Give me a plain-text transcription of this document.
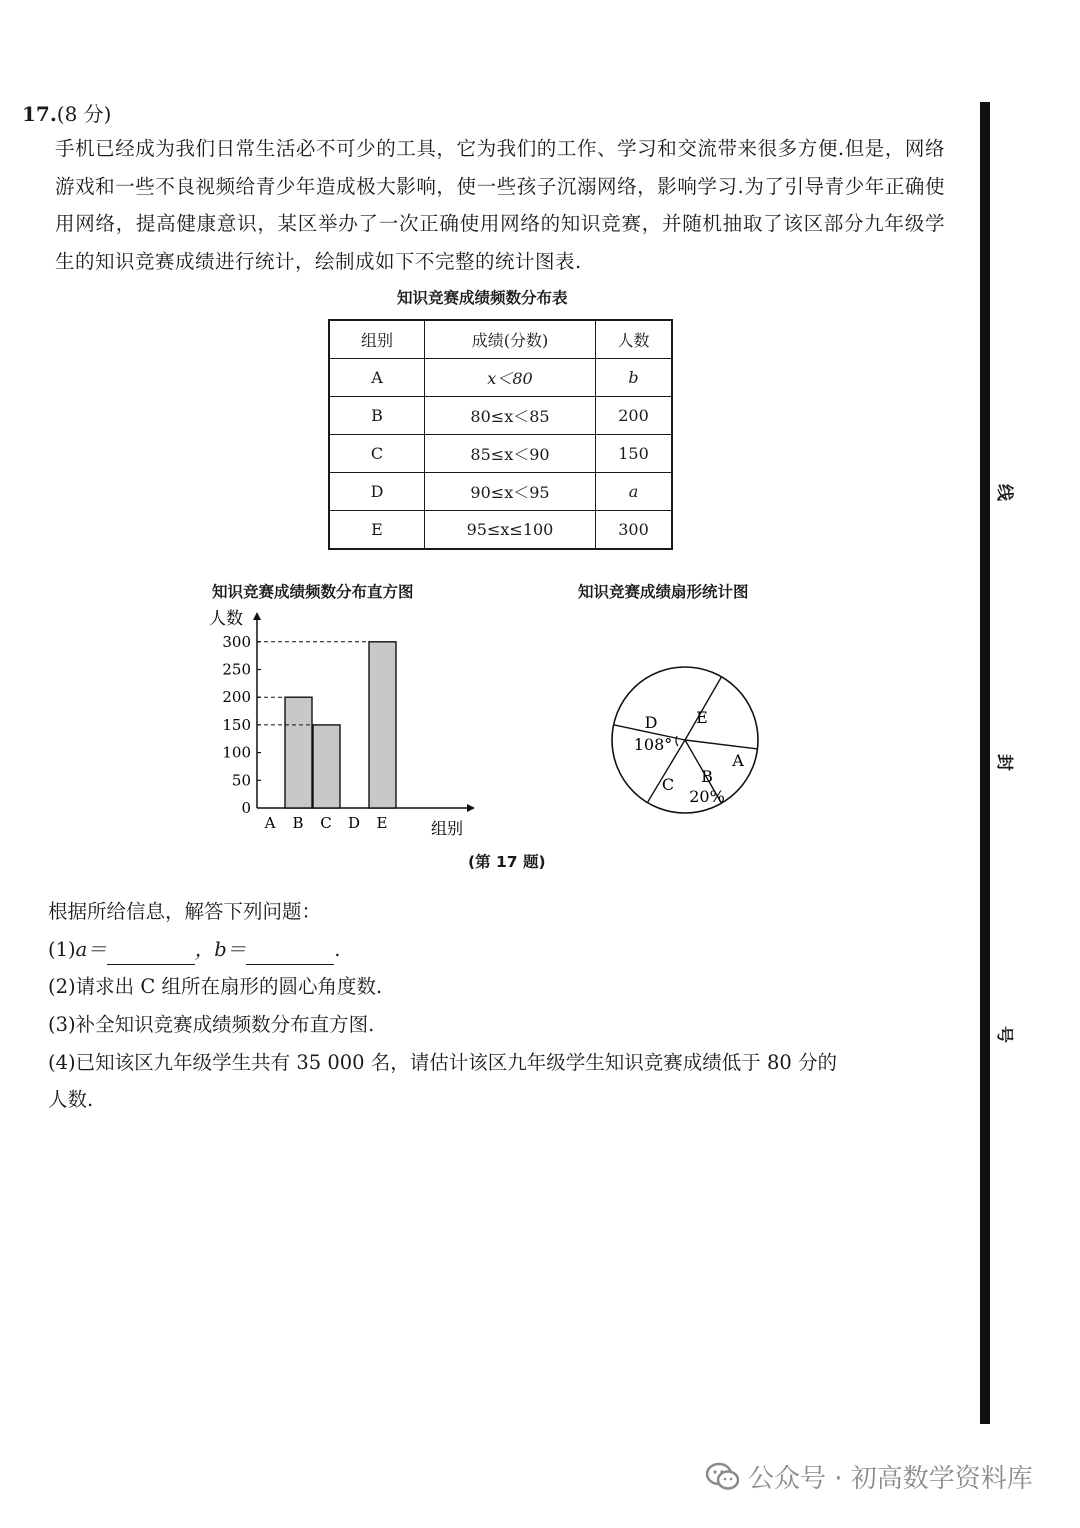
17.(8 分)

手机已经成为我们日常生活必不可少的工具，它为我们的工作、学习和交流带来很多方便.但是，网络游戏和一些不良视频给青少年造成极大影响，使一些孩子沉溺网络，影响学习.为了引导青少年正确使用网络，提高健康意识，某区举办了一次正确使用网络的知识竞赛，并随机抽取了该区部分九年级学生的知识竞赛成绩进行统计，绘制成如下不完整的统计图表.

知识竞赛成绩频数分布表
组别	成绩(分数)	人数
A	x＜80	b
B	80≤x＜85	200
C	85≤x＜90	150
D	90≤x＜95	a
E	95≤x≤100	300
知识竞赛成绩频数分布直方图	知识竞赛成绩扇形统计图
人数
组别
0
50
100
150
200
250
300
A B C D E
E
A
B
20%
C
D
108°
(第 17 题)
根据所给信息，解答下列问题：
(1)a＝	，b＝	.
(2)请求出 C 组所在扇形的圆心角度数.
(3)补全知识竞赛成绩频数分布直方图.
(4)已知该区九年级学生共有 35 000 名，请估计该区九年级学生知识竞赛成绩低于 80 分的
人数.
线
封
号
公众号 · 初高数学资料库
